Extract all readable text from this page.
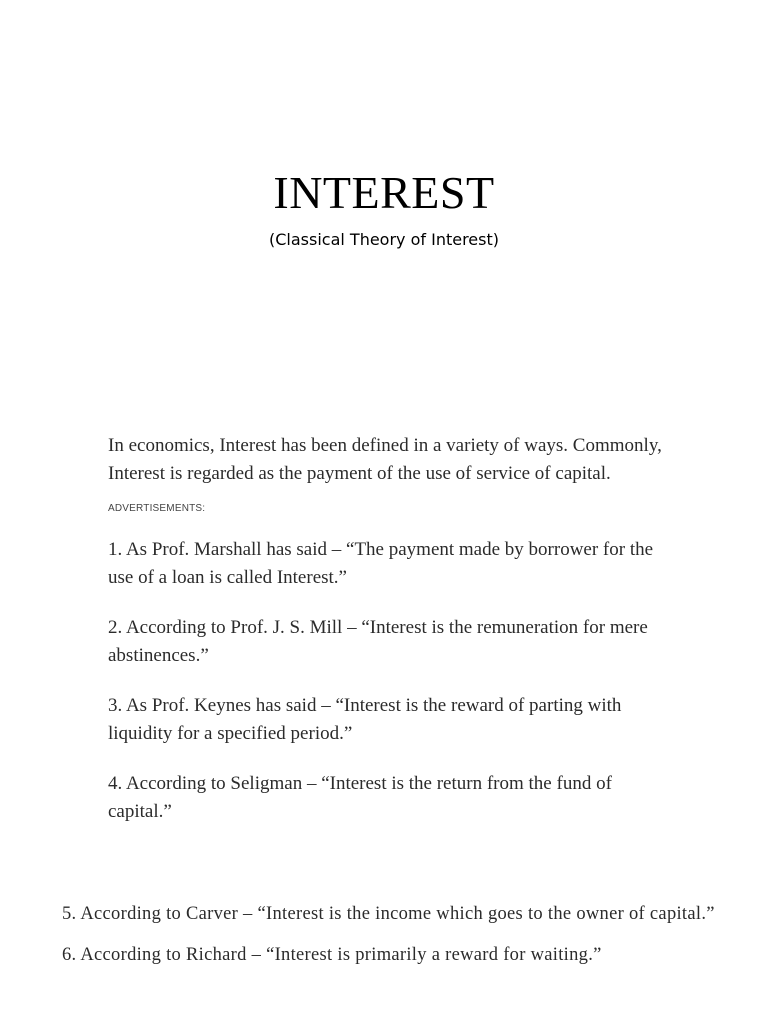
INTEREST
(Classical Theory of Interest)

In economics, Interest has been defined in a variety of ways. Commonly, Interest is regarded as the payment of the use of service of capital.

ADVERTISEMENTS:

1. As Prof. Marshall has said – “The payment made by borrower for the use of a loan is called Interest.”

2. According to Prof. J. S. Mill – “Interest is the remuneration for mere abstinences.”

3. As Prof. Keynes has said – “Interest is the reward of parting with liquidity for a specified period.”

4. According to Seligman – “Interest is the return from the fund of capital.”

5. According to Carver – “Interest is the income which goes to the owner of capital.”

6. According to Richard – “Interest is primarily a reward for waiting.”
